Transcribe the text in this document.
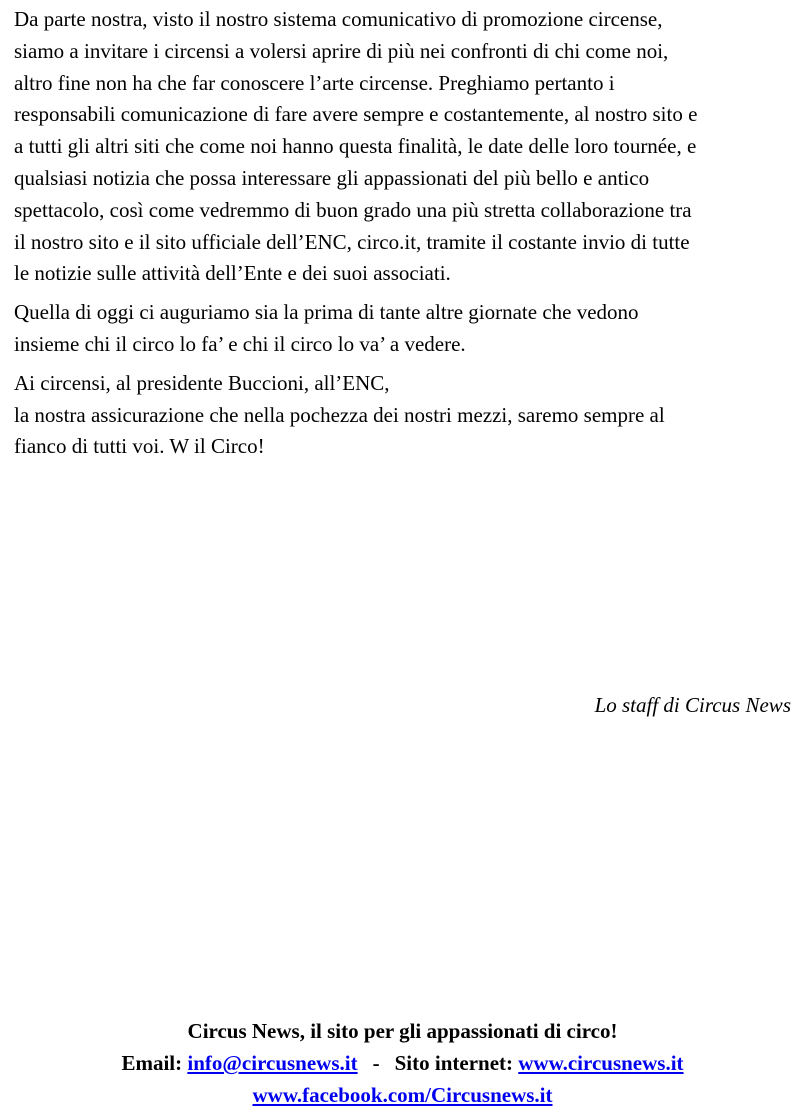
Da parte nostra, visto il nostro sistema comunicativo di promozione circense,
siamo a invitare i circensi a volersi aprire di più nei confronti di chi come noi,
altro fine non ha che far conoscere l’arte circense. Preghiamo pertanto i
responsabili comunicazione di fare avere sempre e costantemente, al nostro sito e
a tutti gli altri siti che come noi hanno questa finalità, le date delle loro tournée, e
qualsiasi notizia che possa interessare gli appassionati del più bello e antico
spettacolo, così come vedremmo di buon grado una più stretta collaborazione tra
il nostro sito e il sito ufficiale dell’ENC, circo.it, tramite il costante invio di tutte
le notizie sulle attività dell’Ente e dei suoi associati.

Quella di oggi ci auguriamo sia la prima di tante altre giornate che vedono
insieme chi il circo lo fa’ e chi il circo lo va’ a vedere.

Ai circensi, al presidente Buccioni, all’ENC,
la nostra assicurazione che nella pochezza dei nostri mezzi, saremo sempre al
fianco di tutti voi. W il Circo!

Lo staff di Circus News

Circus News, il sito per gli appassionati di circo!

Email: info@circusnews.it - Sito internet: www.circusnews.it

www.facebook.com/Circusnews.it
